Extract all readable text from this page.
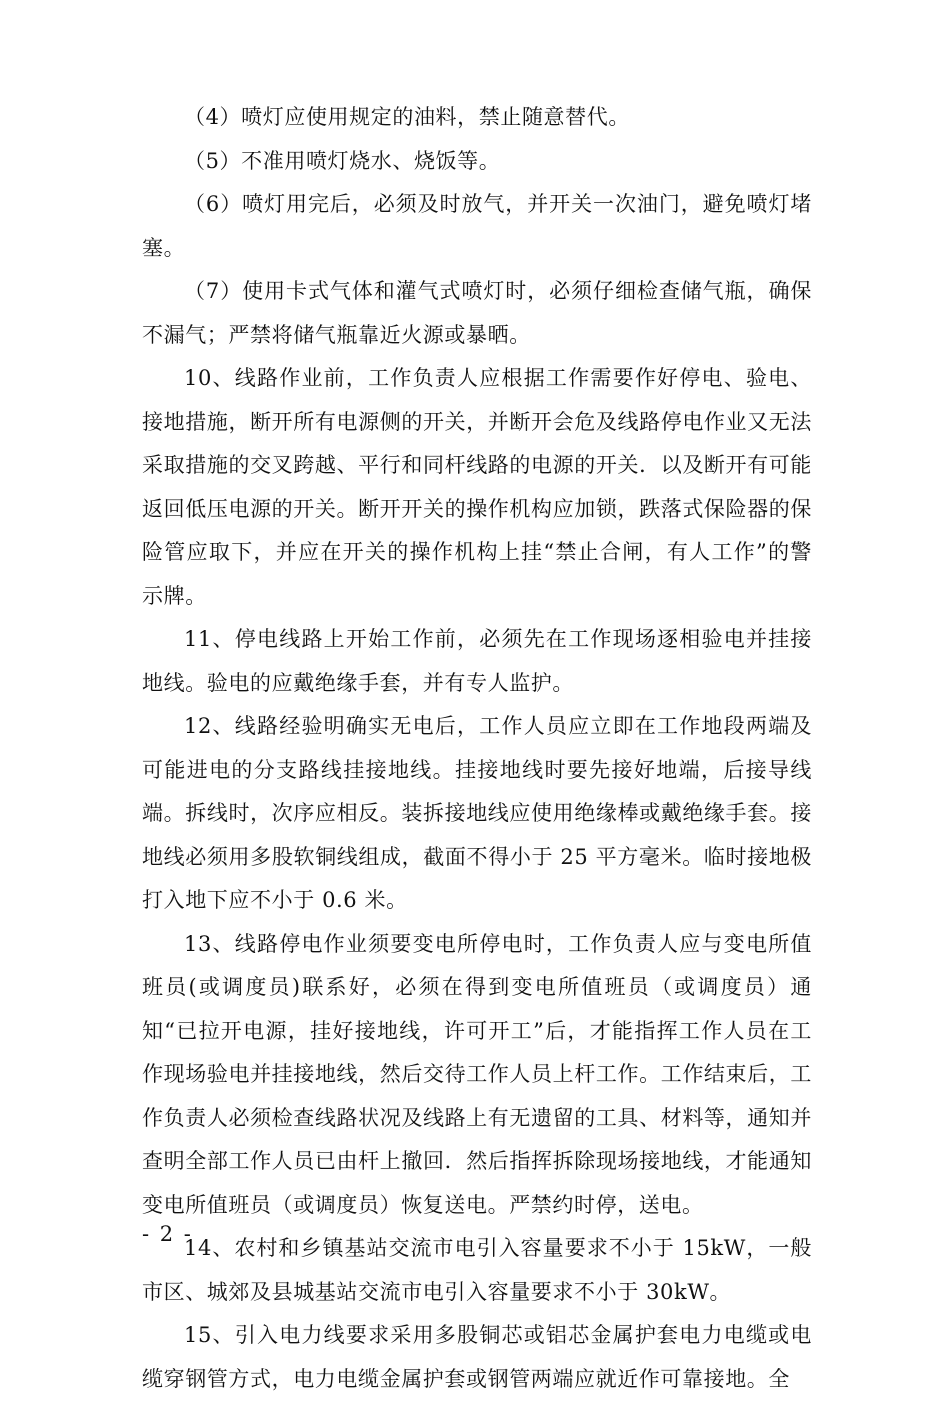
（4）喷灯应使用规定的油料，禁止随意替代。

（5）不准用喷灯烧水、烧饭等。

（6）喷灯用完后，必须及时放气，并开关一次油门，避免喷灯堵塞。

（7）使用卡式气体和灌气式喷灯时，必须仔细检查储气瓶，确保不漏气；严禁将储气瓶靠近火源或暴晒。

10、线路作业前，工作负责人应根据工作需要作好停电、验电、接地措施，断开所有电源侧的开关，并断开会危及线路停电作业又无法采取措施的交叉跨越、平行和同杆线路的电源的开关．以及断开有可能返回低压电源的开关。断开开关的操作机构应加锁，跌落式保险器的保险管应取下，并应在开关的操作机构上挂“禁止合闸，有人工作”的警示牌。

11、停电线路上开始工作前，必须先在工作现场逐相验电并挂接地线。验电的应戴绝缘手套，并有专人监护。

12、线路经验明确实无电后，工作人员应立即在工作地段两端及可能进电的分支路线挂接地线。挂接地线时要先接好地端，后接导线端。拆线时，次序应相反。装拆接地线应使用绝缘棒或戴绝缘手套。接地线必须用多股软铜线组成，截面不得小于 25 平方毫米。临时接地极打入地下应不小于 0.6 米。

13、线路停电作业须要变电所停电时，工作负责人应与变电所值班员(或调度员)联系好，必须在得到变电所值班员（或调度员）通知“已拉开电源，挂好接地线，许可开工”后，才能指挥工作人员在工作现场验电并挂接地线，然后交待工作人员上杆工作。工作结束后，工作负责人必须检查线路状况及线路上有无遗留的工具、材料等，通知并查明全部工作人员已由杆上撤回．然后指挥拆除现场接地线，才能通知变电所值班员（或调度员）恢复送电。严禁约时停，送电。

14、农村和乡镇基站交流市电引入容量要求不小于 15kW，一般市区、城郊及县城基站交流市电引入容量要求不小于 30kW。

15、引入电力线要求采用多股铜芯或铝芯金属护套电力电缆或电缆穿钢管方式，电力电缆金属护套或钢管两端应就近作可靠接地。全

- 2 -
